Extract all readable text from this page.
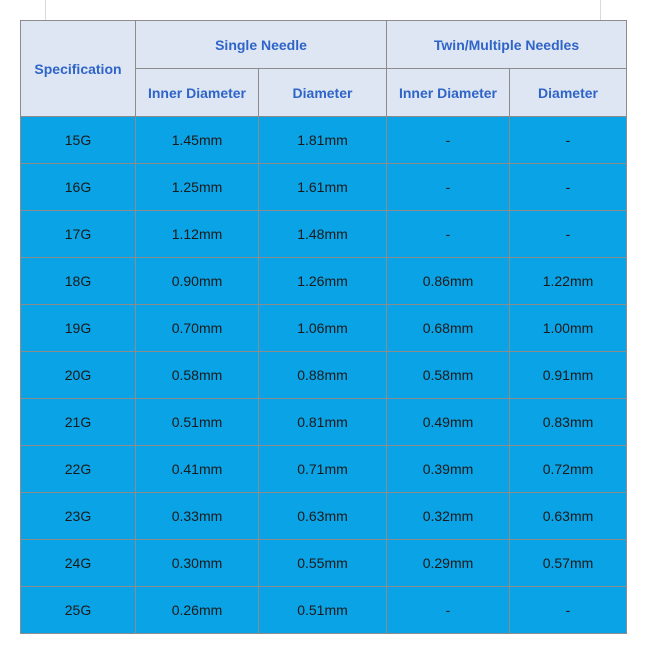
Specification	Single Needle		Twin/Multiple Needles	
	Inner Diameter	Diameter	Inner Diameter	Diameter
15G	1.45mm	1.81mm	-	-
16G	1.25mm	1.61mm	-	-
17G	1.12mm	1.48mm	-	-
18G	0.90mm	1.26mm	0.86mm	1.22mm
19G	0.70mm	1.06mm	0.68mm	1.00mm
20G	0.58mm	0.88mm	0.58mm	0.91mm
21G	0.51mm	0.81mm	0.49mm	0.83mm
22G	0.41mm	0.71mm	0.39mm	0.72mm
23G	0.33mm	0.63mm	0.32mm	0.63mm
24G	0.30mm	0.55mm	0.29mm	0.57mm
25G	0.26mm	0.51mm	-	-
